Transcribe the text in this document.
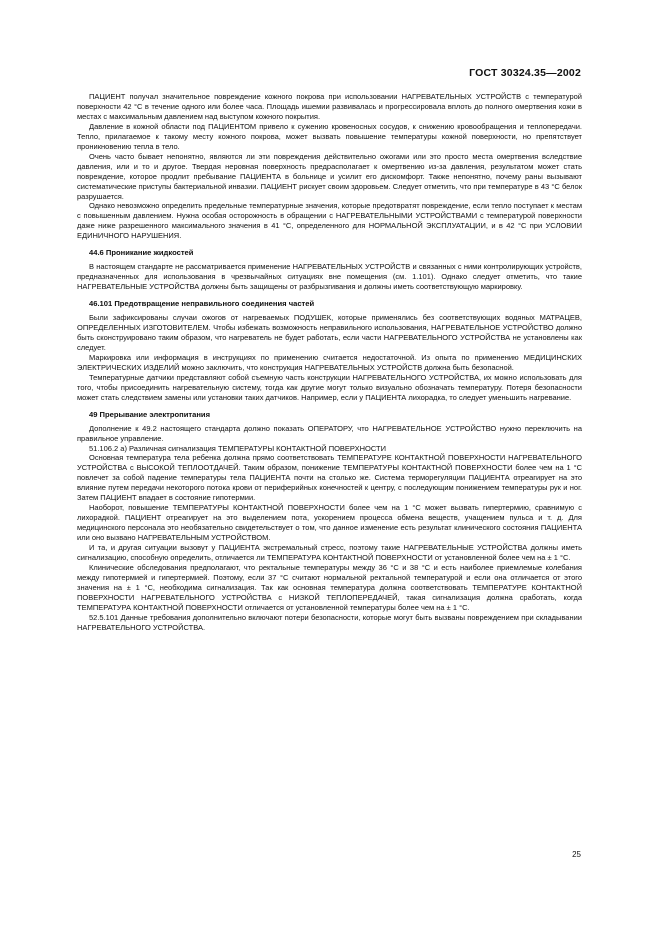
ГОСТ 30324.35—2002

ПАЦИЕНТ получал значительное повреждение кожного покрова при использовании НАГРЕВАТЕЛЬНЫХ УСТРОЙСТВ с температурой поверхности 42 °С в течение одного или более часа. Площадь ишемии развивалась и прогрессировала вплоть до полного омертвения кожи в местах с максимальным давлением над выступом кожного покрытия.

Давление в кожной области под ПАЦИЕНТОМ привело к сужению кровеносных сосудов, к снижению кровообращения и теплопередачи. Тепло, прилагаемое к такому месту кожного покрова, может вызвать повышение температуры кожной поверхности, но препятствует проникновению тепла в тело.

Очень часто бывает непонятно, являются ли эти повреждения действительно ожогами или это просто места омертвения вследствие давления, или и то и другое. Твердая неровная поверхность предрасполагает к омертвению из-за давления, результатом может стать повреждение, которое продлит пребывание ПАЦИЕНТА в больнице и усилит его дискомфорт. Также непонятно, почему раны вызывают систематические приступы бактериальной инвазии. ПАЦИЕНТ рискует своим здоровьем. Следует отметить, что при температуре в 43 °С белок разрушается.

Однако невозможно определить предельные температурные значения, которые предотвратят повреждение, если тепло поступает к местам с повышенным давлением. Нужна особая осторожность в обращении с НАГРЕВАТЕЛЬНЫМИ УСТРОЙСТВАМИ с температурой поверхности даже ниже разрешенного максимального значения в 41 °С, определенного для НОРМАЛЬНОЙ ЭКСПЛУАТАЦИИ, и в 42 °С при УСЛОВИИ ЕДИНИЧНОГО НАРУШЕНИЯ.

44.6 Проникание жидкостей

В настоящем стандарте не рассматривается применение НАГРЕВАТЕЛЬНЫХ УСТРОЙСТВ и связанных с ними контролирующих устройств, предназначенных для использования в чрезвычайных ситуациях вне помещения (см. 1.101). Однако следует отметить, что такие НАГРЕВАТЕЛЬНЫЕ УСТРОЙСТВА должны быть защищены от разбрызгивания и должны иметь соответствующую маркировку.

46.101 Предотвращение неправильного соединения частей

Были зафиксированы случаи ожогов от нагреваемых ПОДУШЕК, которые применялись без соответствующих водяных МАТРАЦЕВ, ОПРЕДЕЛЕННЫХ ИЗГОТОВИТЕЛЕМ. Чтобы избежать возможность неправильного использования, НАГРЕВАТЕЛЬНОЕ УСТРОЙСТВО должно быть сконструировано таким образом, что нагреватель не будет работать, если части НАГРЕВАТЕЛЬНОГО УСТРОЙСТВА не установлены как следует.

Маркировка или информация в инструкциях по применению считается недостаточной. Из опыта по применению МЕДИЦИНСКИХ ЭЛЕКТРИЧЕСКИХ ИЗДЕЛИЙ можно заключить, что конструкция НАГРЕВАТЕЛЬНЫХ УСТРОЙСТВ должна быть безопасной.

Температурные датчики представляют собой съемную часть конструкции НАГРЕВАТЕЛЬНОГО УСТРОЙСТВА, их можно использовать для того, чтобы присоединить нагревательную систему, тогда как другие могут только визуально обозначать температуру. Потеря безопасности может стать следствием замены или установки таких датчиков. Например, если у ПАЦИЕНТА лихорадка, то следует уменьшить нагревание.

49 Прерывание электропитания

Дополнение к 49.2 настоящего стандарта должно показать ОПЕРАТОРУ, что НАГРЕВАТЕЛЬНОЕ УСТРОЙСТВО нужно переключить на правильное управление.

51.106.2 а) Различная сигнализация ТЕМПЕРАТУРЫ КОНТАКТНОЙ ПОВЕРХНОСТИ

Основная температура тела ребенка должна прямо соответствовать ТЕМПЕРАТУРЕ КОНТАКТНОЙ ПОВЕРХНОСТИ НАГРЕВАТЕЛЬНОГО УСТРОЙСТВА с ВЫСОКОЙ ТЕПЛООТДАЧЕЙ. Таким образом, понижение ТЕМПЕРАТУРЫ КОНТАКТНОЙ ПОВЕРХНОСТИ более чем на 1 °С повлечет за собой падение температуры тела ПАЦИЕНТА почти на столько же. Система терморегуляции ПАЦИЕНТА отреагирует на это влияние путем передачи некоторого потока крови от периферийных конечностей к центру, с последующим понижением температуры рук и ног. Затем ПАЦИЕНТ впадает в состояние гипотермии.

Наоборот, повышение ТЕМПЕРАТУРЫ КОНТАКТНОЙ ПОВЕРХНОСТИ более чем на 1 °С может вызвать гипертермию, сравнимую с лихорадкой. ПАЦИЕНТ отреагирует на это выделением пота, ускорением процесса обмена веществ, учащением пульса и т. д. Для медицинского персонала это необязательно свидетельствует о том, что данное изменение есть результат клинического состояния ПАЦИЕНТА или оно вызвано НАГРЕВАТЕЛЬНЫМ УСТРОЙСТВОМ.

И та, и другая ситуации вызовут у ПАЦИЕНТА экстремальный стресс, поэтому такие НАГРЕВАТЕЛЬНЫЕ УСТРОЙСТВА должны иметь сигнализацию, способную определить, отличается ли ТЕМПЕРАТУРА КОНТАКТНОЙ ПОВЕРХНОСТИ от установленной более чем на ± 1 °С.

Клинические обследования предполагают, что ректальные температуры между 36 °С и 38 °С и есть наиболее приемлемые колебания между гипотермией и гипертермией. Поэтому, если 37 °С считают нормальной ректальной температурой и если она отличается от этого значения на ± 1 °С, необходима сигнализация. Так как основная температура должна соответствовать ТЕМПЕРАТУРЕ КОНТАКТНОЙ ПОВЕРХНОСТИ НАГРЕВАТЕЛЬНОГО УСТРОЙСТВА с НИЗКОЙ ТЕПЛОПЕРЕДАЧЕЙ, такая сигнализация должна сработать, когда ТЕМПЕРАТУРА КОНТАКТНОЙ ПОВЕРХНОСТИ отличается от установленной температуры более чем на ± 1 °С.

52.5.101 Данные требования дополнительно включают потери безопасности, которые могут быть вызваны повреждением при складывании НАГРЕВАТЕЛЬНОГО УСТРОЙСТВА.

25
